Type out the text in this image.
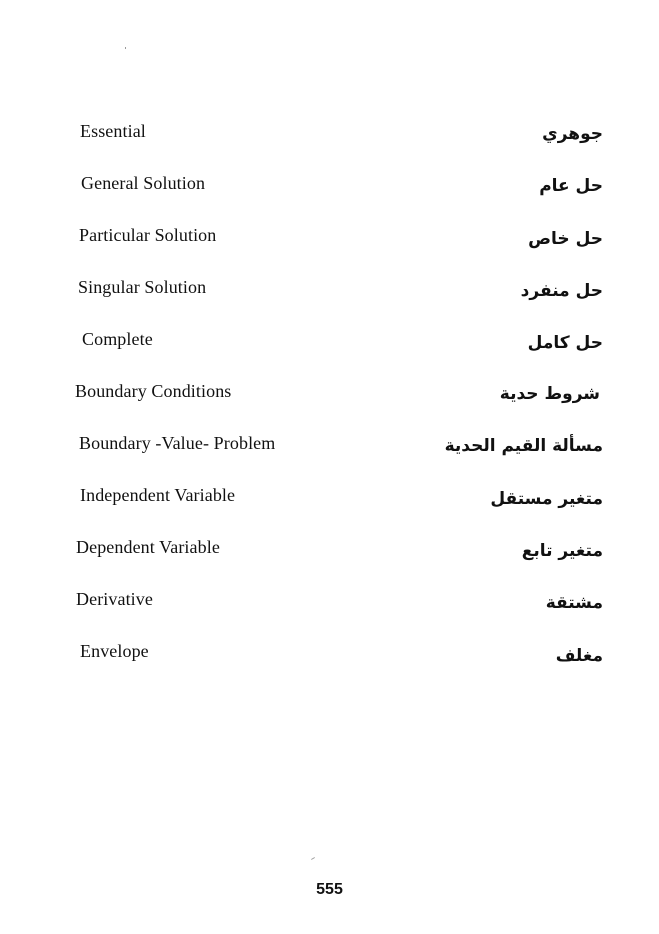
Essential	جوهري
General Solution	حل عام
Particular Solution	حل خاص
Singular Solution	حل منفرد
Complete	حل كامل
Boundary Conditions	شروط حدية
Boundary -Value- Problem	مسألة القيم الحدية
Independent Variable	متغير مستقل
Dependent Variable	متغير تابع
Derivative	مشتقة
Envelope	مغلف
555
